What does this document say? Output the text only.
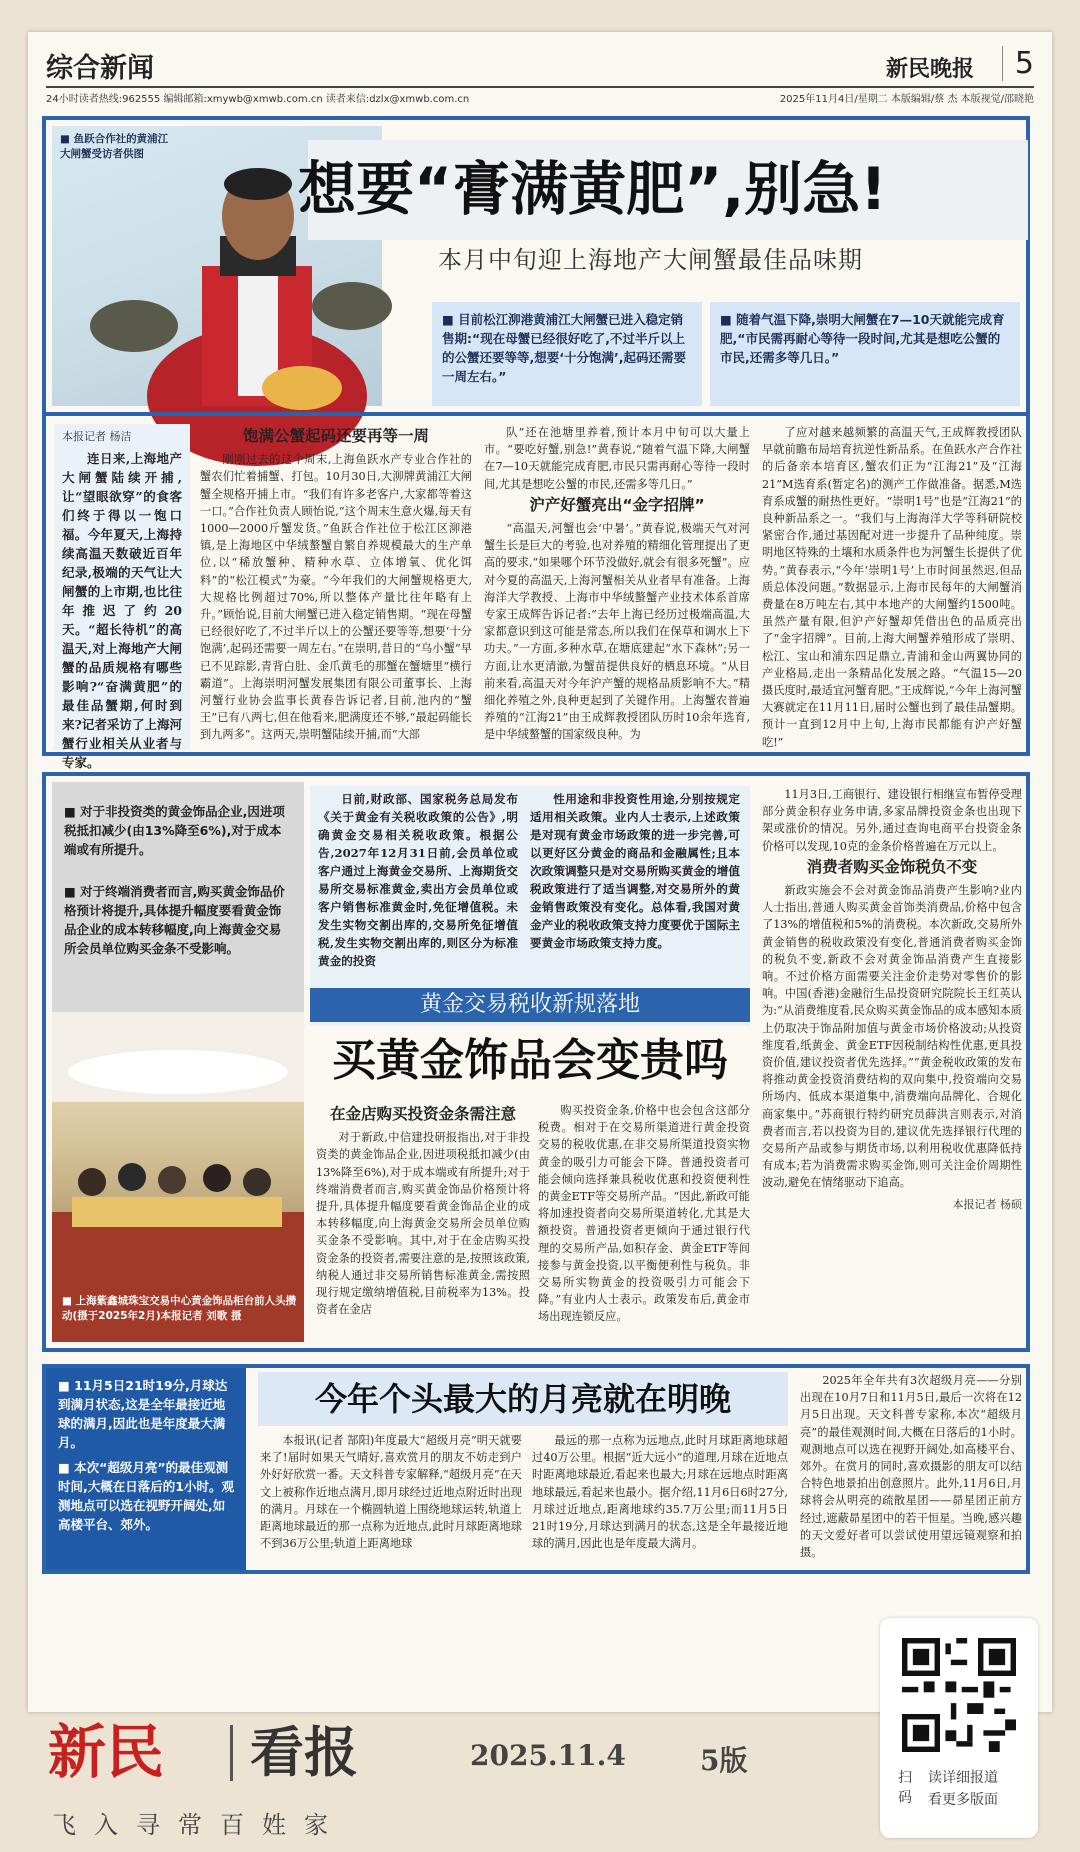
综合新闻	新民晚报	5
24小时读者热线:962555 编辑邮箱:xmywb@xmwb.com.cn 读者来信:dzlx@xmwb.com.cn	2025年11月4日/星期二 本版编辑/蔡 杰 本版视觉/邵晓艳
■ 鱼跃合作社的黄浦江大闸蟹受访者供图
想要“膏满黄肥”,别急!
本月中旬迎上海地产大闸蟹最佳品味期
■ 目前松江泖港黄浦江大闸蟹已进入稳定销售期:“现在母蟹已经很好吃了,不过半斤以上的公蟹还要等等,想要‘十分饱满’,起码还需要一周左右。”
■ 随着气温下降,崇明大闸蟹在7—10天就能完成育肥,“市民需再耐心等待一段时间,尤其是想吃公蟹的市民,还需多等几日。”
本报记者 杨洁
连日来,上海地产大闸蟹陆续开捕,让“望眼欲穿”的食客们终于得以一饱口福。今年夏天,上海持续高温天数破近百年纪录,极端的天气让大闸蟹的上市期,也比往年推迟了约20天。“超长待机”的高温天,对上海地产大闸蟹的品质规格有哪些影响?“奋满黄肥”的最佳品蟹期,何时到来?记者采访了上海河蟹行业相关从业者与专家。
饱满公蟹起码还要再等一周

刚刚过去的这个周末,上海鱼跃水产专业合作社的蟹农们忙着捕蟹、打包。10月30日,大泖牌黄浦江大闸蟹全规格开捕上市。“我们有许多老客户,大家都等着这一口。”合作社负责人顾怡说,“这个周末生意火爆,每天有1000—2000斤蟹发货。”鱼跃合作社位于松江区泖港镇,是上海地区中华绒螯蟹自繁自养规模最大的生产单位,以“稀放蟹种、精种水草、立体增氧、优化饵料”的“松江模式”为豪。“今年我们的大闸蟹规格更大,大规格比例超过70%,所以整体产量比往年略有上升。”顾怡说,目前大闸蟹已进入稳定销售期。“现在母蟹已经很好吃了,不过半斤以上的公蟹还要等等,想要‘十分饱满’,起码还需要一周左右。”在崇明,昔日的“乌小蟹”早已不见踪影,青背白肚、金爪黄毛的那蟹在蟹塘里“横行霸道”。上海崇明河蟹发展集团有限公司董事长、上海河蟹行业协会监事长黄春告诉记者,目前,池内的“蟹王”已有八两七,但在他看来,肥满度还不够,“最起码能长到九两多”。这两天,崇明蟹陆续开捕,而“大部

队”还在池塘里养着,预计本月中旬可以大量上市。“要吃好蟹,别急!”黄春说,“随着气温下降,大闸蟹在7—10天就能完成育肥,市民只需再耐心等待一段时间,尤其是想吃公蟹的市民,还需多等几日。”

沪产好蟹亮出“金字招牌”

“高温天,河蟹也会‘中暑’。”黄春说,极端天气对河蟹生长是巨大的考验,也对养殖的精细化管理提出了更高的要求,“如果哪个环节没做好,就会有很多死蟹”。应对今夏的高温天,上海河蟹相关从业者早有准备。上海海洋大学教授、上海市中华绒螯蟹产业技术体系首席专家王成辉告诉记者:“去年上海已经历过极端高温,大家都意识到这可能是常态,所以我们在保草和调水上下功夫。”一方面,多种水草,在塘底建起“水下森林”;另一方面,让水更清澈,为蟹苗提供良好的栖息环境。“从目前来看,高温天对今年沪产蟹的规格品质影响不大。”精细化养殖之外,良种更起到了关键作用。上海蟹农普遍养殖的“江海21”由王成辉教授团队历时10余年选育,是中华绒螯蟹的国家级良种。为

了应对越来越频繁的高温天气,王成辉教授团队早就前瞻布局培育抗逆性新品系。在鱼跃水产合作社的后备亲本培育区,蟹农们正为“江海21”及“江海21”M选育系(暂定名)的测产工作做准备。据悉,M选育系成蟹的耐热性更好。“崇明1号”也是“江海21”的良种新品系之一。“我们与上海海洋大学等科研院校紧密合作,通过基因配对进一步提升了品种纯度。崇明地区特殊的土壤和水质条件也为河蟹生长提供了优势。”黄春表示,“今年‘崇明1号’上市时间虽然迟,但品质总体没问题。”数据显示,上海市民每年的大闸蟹消费量在8万吨左右,其中本地产的大闸蟹约1500吨。虽然产量有限,但沪产好蟹却凭借出色的品质亮出了“金字招牌”。目前,上海大闸蟹养殖形成了崇明、松江、宝山和浦东四足鼎立,青浦和金山两翼协同的产业格局,走出一条精品化发展之路。“气温15—20摄氏度时,最适宜河蟹育肥。”王成辉说,“今年上海河蟹大赛就定在11月11日,届时公蟹也到了最佳品蟹期。预计一直到12月中上旬,上海市民都能有沪产好蟹吃!”

■ 对于非投资类的黄金饰品企业,因进项税抵扣减少(由13%降至6%),对于成本端或有所提升。
■ 对于终端消费者而言,购买黄金饰品价格预计将提升,具体提升幅度要看黄金饰品企业的成本转移幅度,向上海黄金交易所会员单位购买金条不受影响。
■ 上海紫鑫城珠宝交易中心黄金饰品柜台前人头攒动(摄于2025年2月)本报记者 刘歌 摄

日前,财政部、国家税务总局发布《关于黄金有关税收政策的公告》,明确黄金交易相关税收政策。根据公告,2027年12月31日前,会员单位或客户通过上海黄金交易所、上海期货交易所交易标准黄金,卖出方会员单位或客户销售标准黄金时,免征增值税。未发生实物交割出库的,交易所免征增值税,发生实物交割出库的,则区分为标准黄金的投资

性用途和非投资性用途,分别按规定适用相关政策。业内人士表示,上述政策是对现有黄金市场政策的进一步完善,可以更好区分黄金的商品和金融属性;且本次政策调整只是对交易所购买黄金的增值税政策进行了适当调整,对交易所外的黄金销售政策没有变化。总体看,我国对黄金产业的税收政策支持力度要优于国际主要黄金市场政策支持力度。

黄金交易税收新规落地
买黄金饰品会变贵吗
在金店购买投资金条需注意

对于新政,中信建投研报指出,对于非投资类的黄金饰品企业,因进项税抵扣减少(由13%降至6%),对于成本端或有所提升;对于终端消费者而言,购买黄金饰品价格预计将提升,具体提升幅度要看黄金饰品企业的成本转移幅度,向上海黄金交易所会员单位购买金条不受影响。其中,对于在金店购买投资金条的投资者,需要注意的是,按照该政策,纳税人通过非交易所销售标准黄金,需按照现行规定缴纳增值税,目前税率为13%。投资者在金店

购买投资金条,价格中也会包含这部分税费。相对于在交易所渠道进行黄金投资交易的税收优惠,在非交易所渠道投资实物黄金的吸引力可能会下降。普通投资者可能会倾向选择兼具税收优惠和投资便利性的黄金ETF等交易所产品。“因此,新政可能将加速投资者向交易所渠道转化,尤其是大额投资。普通投资者更倾向于通过银行代理的交易所产品,如积存金、黄金ETF等间接参与黄金投资,以平衡便利性与税负。非交易所实物黄金的投资吸引力可能会下降。”有业内人士表示。政策发布后,黄金市场出现连锁反应。

11月3日,工商银行、建设银行相继宣布暂停受理部分黄金积存业务申请,多家品牌投资金条也出现下架或涨价的情况。另外,通过查询电商平台投资金条价格可以发现,10克的金条价格普遍在万元以上。

消费者购买金饰税负不变

新政实施会不会对黄金饰品消费产生影响?业内人士指出,普通人购买黄金首饰类消费品,价格中包含了13%的增值税和5%的消费税。本次新政,交易所外黄金销售的税收政策没有变化,普通消费者购买金饰的税负不变,新政不会对黄金饰品消费产生直接影响。不过价格方面需要关注金价走势对零售价的影响。中国(香港)金融衍生品投资研究院院长王红英认为:“从消费维度看,民众购买黄金饰品的成本感知本质上仍取决于饰品附加值与黄金市场价格波动;从投资维度看,纸黄金、黄金ETF因税制结构性优惠,更具投资价值,建议投资者优先选择。”“黄金税收政策的发布将推动黄金投资消费结构的双向集中,投资端向交易所场内、低成本渠道集中,消费端向品牌化、合规化商家集中。”苏商银行特约研究员薛洪言则表示,对消费者而言,若以投资为目的,建议优先选择银行代理的交易所产品或参与期货市场,以利用税收优惠降低持有成本;若为消费需求购买金饰,则可关注金价周期性波动,避免在情绪驱动下追高。

本报记者 杨硕
■ 11月5日21时19分,月球达到满月状态,这是全年最接近地球的满月,因此也是年度最大满月。
■ 本次“超级月亮”的最佳观测时间,大概在日落后的1小时。观测地点可以选在视野开阔处,如高楼平台、郊外。
今年个头最大的月亮就在明晚

本报讯(记者 郜阳)年度最大“超级月亮”明天就要来了!届时如果天气晴好,喜欢赏月的朋友不妨走到户外好好欣赏一番。天文科普专家解释,“超级月亮”在天文上被称作近地点满月,即月球经过近地点附近时出现的满月。月球在一个椭圆轨道上围绕地球运转,轨道上距离地球最近的那一点称为近地点,此时月球距离地球不到36万公里;轨道上距离地球

最远的那一点称为远地点,此时月球距离地球超过40万公里。根据“近大远小”的道理,月球在近地点时距离地球最近,看起来也最大;月球在远地点时距离地球最远,看起来也最小。据介绍,11月6日6时27分,月球过近地点,距离地球约35.7万公里;而11月5日21时19分,月球达到满月的状态,这是全年最接近地球的满月,因此也是年度最大满月。

2025年全年共有3次超级月亮——分别出现在10月7日和11月5日,最后一次将在12月5日出现。天文科普专家称,本次“超级月亮”的最佳观测时间,大概在日落后的1小时。观测地点可以选在视野开阔处,如高楼平台、郊外。在赏月的同时,喜欢摄影的朋友可以结合特色地景拍出创意照片。此外,11月6日,月球将会从明亮的疏散星团——昴星团正前方经过,遮蔽昴星团中的若干恒星。当晚,感兴趣的天文爱好者可以尝试使用望远镜观察和拍摄。

新民 看报	2025.11.4	5版
飞入寻常百姓家
扫码
读详细报道
看更多版面
